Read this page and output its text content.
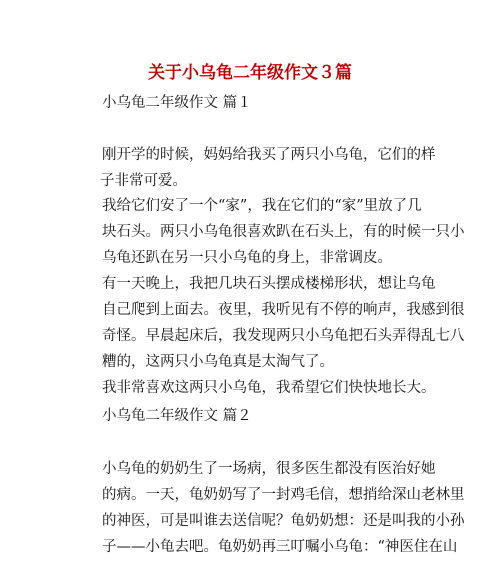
关于小乌龟二年级作文３篇
小乌龟二年级作文 篇１
刚开学的时候，妈妈给我买了两只小乌龟，它们的样
子非常可爱。
我给它们安了一个“家”，我在它们的“家”里放了几
块石头。两只小乌龟很喜欢趴在石头上，有的时候一只小
乌龟还趴在另一只小乌龟的身上，非常调皮。
有一天晚上，我把几块石头摆成楼梯形状，想让乌龟
自己爬到上面去。夜里，我听见有不停的响声，我感到很
奇怪。早晨起床后，我发现两只小乌龟把石头弄得乱七八
糟的，这两只小乌龟真是太淘气了。
我非常喜欢这两只小乌龟，我希望它们快快地长大。
小乌龟二年级作文 篇２
小乌龟的奶奶生了一场病，很多医生都没有医治好她
的病。一天，龟奶奶写了一封鸡毛信，想捎给深山老林里
的神医，可是叫谁去送信呢？龟奶奶想：还是叫我的小孙
子——小龟去吧。龟奶奶再三叮嘱小乌龟：“神医住在山
